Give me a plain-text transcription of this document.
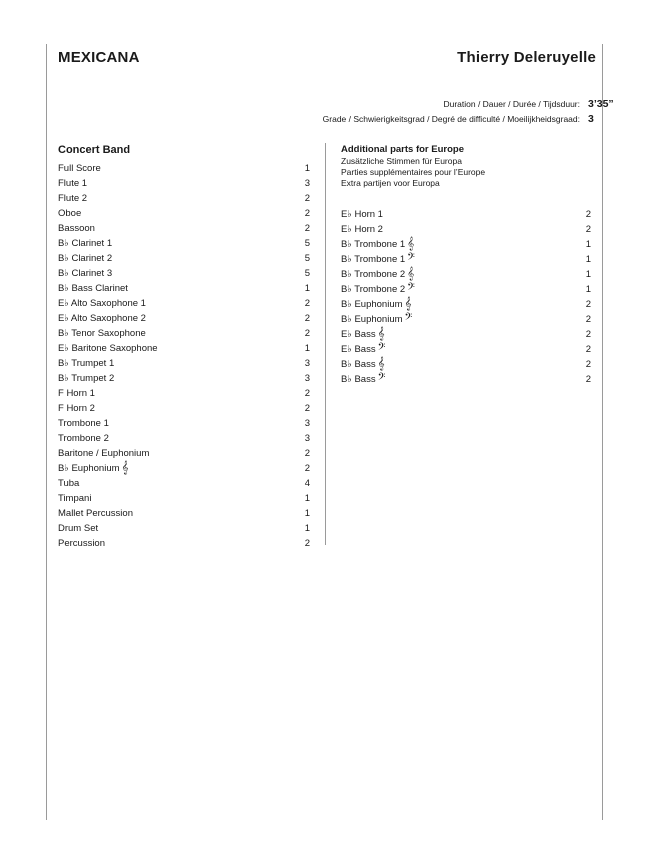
MEXICANA	Thierry Deleruyelle
Duration / Dauer / Durée / Tijdsduur: 3’35”
Grade / Schwierigkeitsgrad / Degré de difficulté / Moeilijkheidsgraad: 3
Concert Band
Full Score	1
Flute 1	3
Flute 2	2
Oboe	2
Bassoon	2
B♭ Clarinet 1	5
B♭ Clarinet 2	5
B♭ Clarinet 3	5
B♭ Bass Clarinet	1
E♭ Alto Saxophone 1	2
E♭ Alto Saxophone 2	2
B♭ Tenor Saxophone	2
E♭ Baritone Saxophone	1
B♭ Trumpet 1	3
B♭ Trumpet 2	3
F Horn 1	2
F Horn 2	2
Trombone 1	3
Trombone 2	3
Baritone / Euphonium	2
B♭ Euphonium 𝄞	2
Tuba	4
Timpani	1
Mallet Percussion	1
Drum Set	1
Percussion	2
Additional parts for Europe
Zusätzliche Stimmen für Europa
Parties supplémentaires pour l’Europe
Extra partijen voor Europa
E♭ Horn 1	2
E♭ Horn 2	2
B♭ Trombone 1 𝄞	1
B♭ Trombone 1 𝄢	1
B♭ Trombone 2 𝄞	1
B♭ Trombone 2 𝄢	1
B♭ Euphonium 𝄞	2
B♭ Euphonium 𝄢	2
E♭ Bass 𝄞	2
E♭ Bass 𝄢	2
B♭ Bass 𝄞	2
B♭ Bass 𝄢	2
